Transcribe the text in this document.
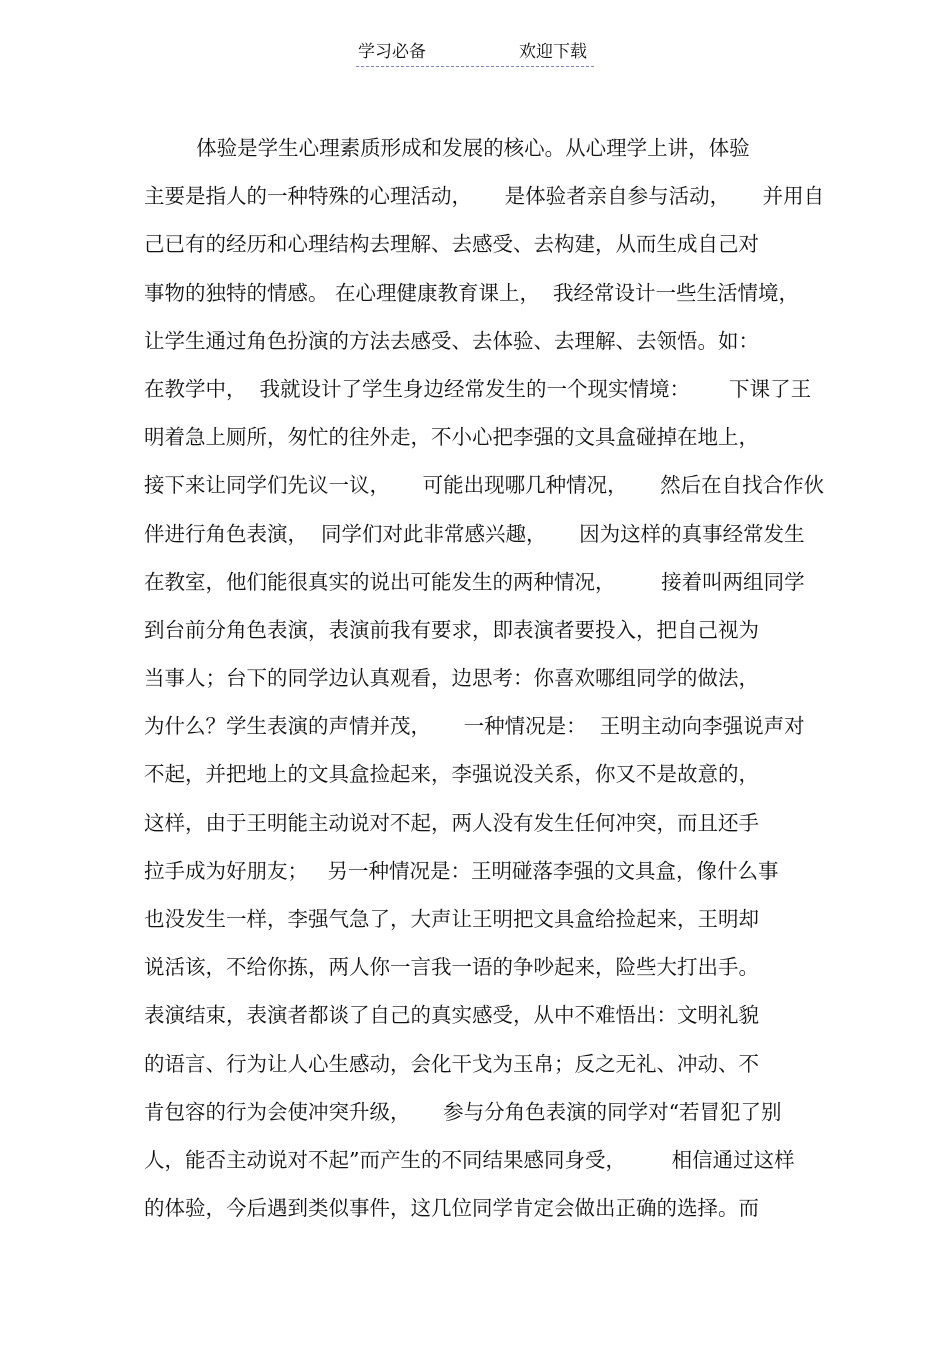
学习必备	欢迎下载
体验是学生心理素质形成和发展的核心。从心理学上讲，体验
主要是指人的一种特殊的心理活动，     是体验者亲自参与活动，     并用自
己已有的经历和心理结构去理解、去感受、去构建，从而生成自己对
事物的独特的情感。 在心理健康教育课上，  我经常设计一些生活情境，
让学生通过角色扮演的方法去感受、去体验、去理解、去领悟。如：
在教学中，  我就设计了学生身边经常发生的一个现实情境：      下课了王
明着急上厕所，匆忙的往外走，不小心把李强的文具盒碰掉在地上，
接下来让同学们先议一议，     可能出现哪几种情况，     然后在自找合作伙
伴进行角色表演，  同学们对此非常感兴趣，     因为这样的真事经常发生
在教室，他们能很真实的说出可能发生的两种情况，       接着叫两组同学
到台前分角色表演，表演前我有要求，即表演者要投入，把自己视为
当事人；台下的同学边认真观看，边思考：你喜欢哪组同学的做法，
为什么？学生表演的声情并茂，     一种情况是：  王明主动向李强说声对
不起，并把地上的文具盒捡起来，李强说没关系，你又不是故意的，
这样，由于王明能主动说对不起，两人没有发生任何冲突，而且还手
拉手成为好朋友；   另一种情况是：王明碰落李强的文具盒，像什么事
也没发生一样，李强气急了，大声让王明把文具盒给捡起来，王明却
说活该，不给你拣，两人你一言我一语的争吵起来，险些大打出手。
表演结束，表演者都谈了自己的真实感受，从中不难悟出：文明礼貌
的语言、行为让人心生感动，会化干戈为玉帛；反之无礼、冲动、不
肯包容的行为会使冲突升级，     参与分角色表演的同学对“若冒犯了别
人，能否主动说对不起”而产生的不同结果感同身受，       相信通过这样
的体验，今后遇到类似事件，这几位同学肯定会做出正确的选择。而
